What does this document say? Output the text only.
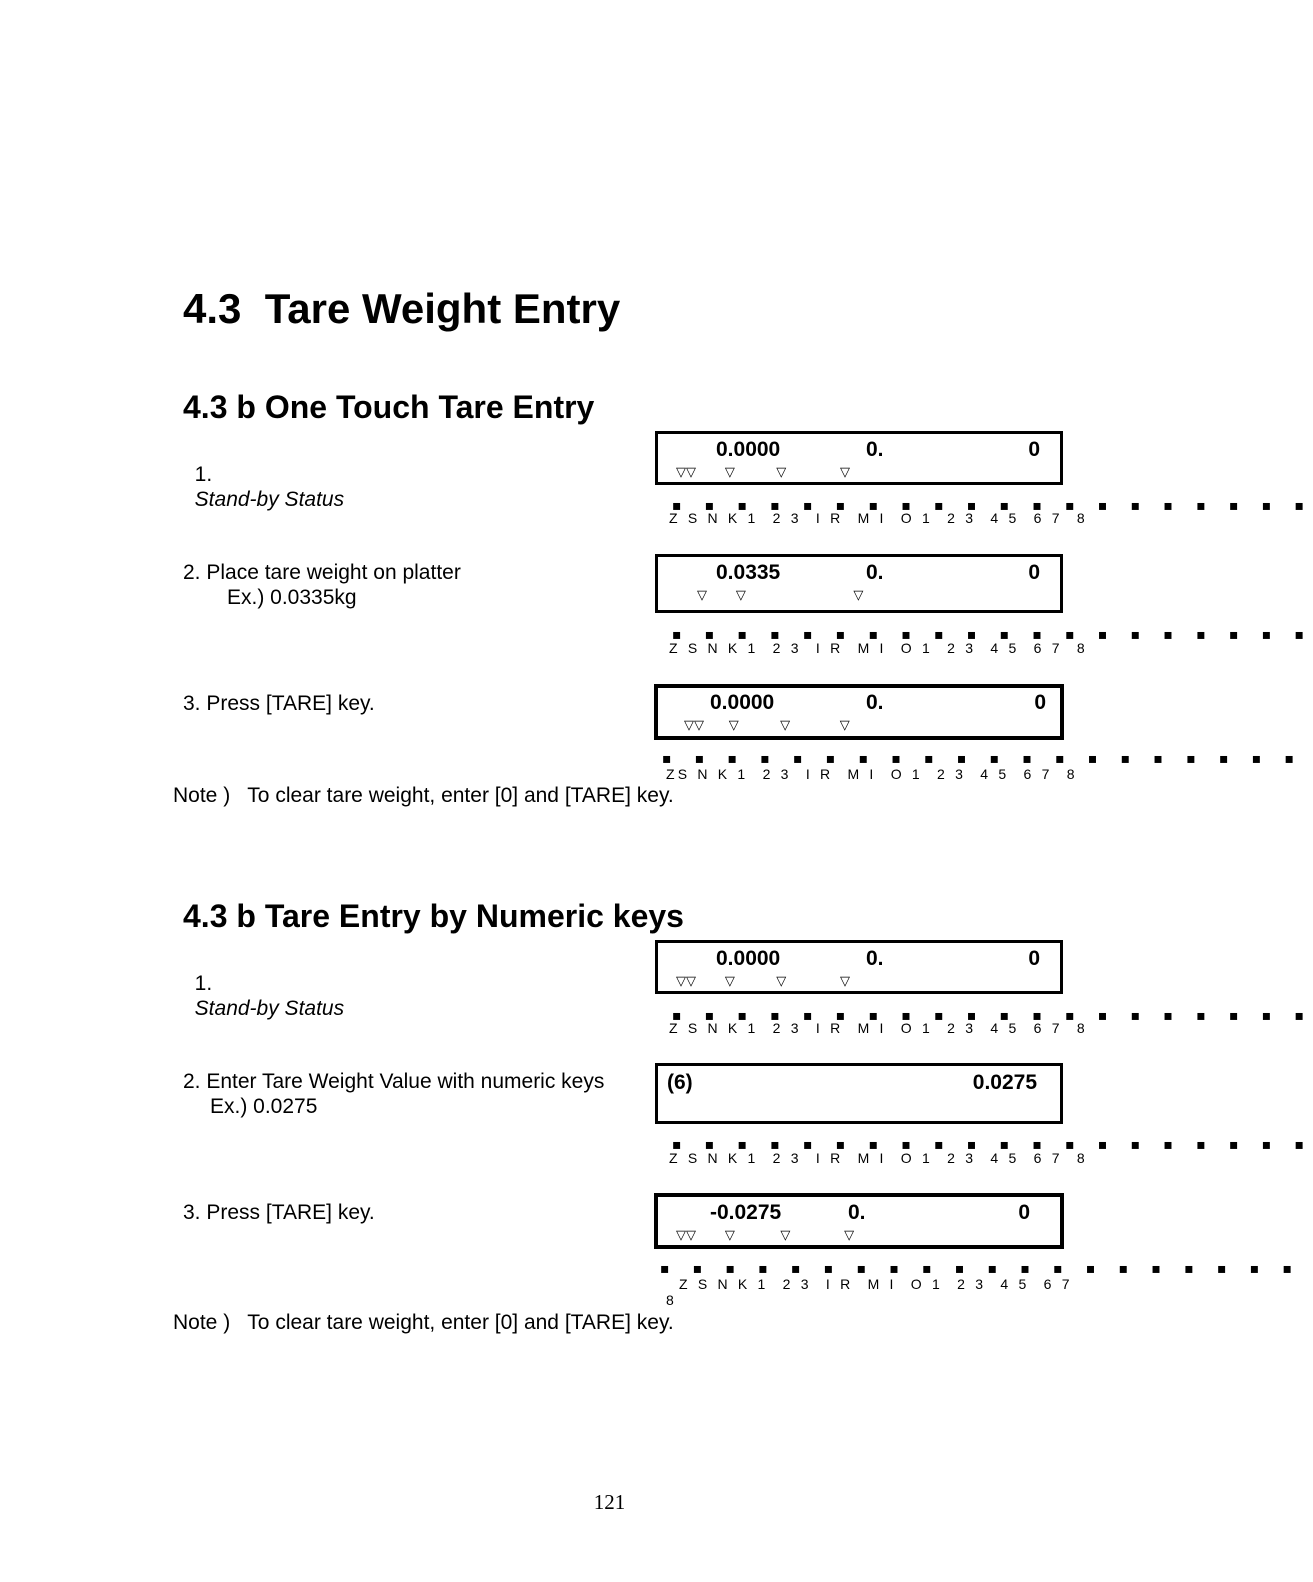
4.3  Tare Weight Entry
4.3 b One Touch Tare Entry

1.
Stand-by Status

0.0000	0.	0
▽▽       ▽          ▽             ▽
▪ ▪ ▪ ▪ ▪ ▪ ▪ ▪ ▪ ▪ ▪ ▪ ▪ ▪ ▪ ▪ ▪ ▪ ▪ ▪
Z S N K 1  2 3  I R  M I  O 1  2 3  4 5  6 7  8
2. Place tare weight on platter
Ex.) 0.0335kg
0.0335	0.	0
▽       ▽                          ▽
▪ ▪ ▪ ▪ ▪ ▪ ▪ ▪ ▪ ▪ ▪ ▪ ▪ ▪ ▪ ▪ ▪ ▪ ▪ ▪
Z S N K 1  2 3  I R  M I  O 1  2 3  4 5  6 7  8
3. Press [TARE] key.	0.0000	0.	0
▽▽      ▽          ▽            ▽
▪ ▪ ▪ ▪ ▪ ▪ ▪ ▪ ▪ ▪ ▪ ▪ ▪ ▪ ▪ ▪ ▪ ▪ ▪ ▪
ZS N K 1  2 3  I R  M I  O 1  2 3  4 5  6 7  8
Note )   To clear tare weight, enter [0] and [TARE] key.
4.3 b Tare Entry by Numeric keys

1.
Stand-by Status

0.0000	0.	0
▽▽       ▽          ▽             ▽
▪ ▪ ▪ ▪ ▪ ▪ ▪ ▪ ▪ ▪ ▪ ▪ ▪ ▪ ▪ ▪ ▪ ▪ ▪ ▪
Z S N K 1  2 3  I R  M I  O 1  2 3  4 5  6 7  8
2. Enter Tare Weight Value with numeric keys
Ex.) 0.0275
(6)	0.0275
▪ ▪ ▪ ▪ ▪ ▪ ▪ ▪ ▪ ▪ ▪ ▪ ▪ ▪ ▪ ▪ ▪ ▪ ▪ ▪
Z S N K 1  2 3  I R  M I  O 1  2 3  4 5  6 7  8
3. Press [TARE] key.	-0.0275	0.	0
▽▽       ▽           ▽             ▽
▪ ▪ ▪ ▪ ▪ ▪ ▪ ▪ ▪ ▪ ▪ ▪ ▪ ▪ ▪ ▪ ▪ ▪ ▪ ▪
Z S N K 1  2 3  I R  M I  O 1  2 3  4 5  6 7
8
Note )   To clear tare weight, enter [0] and [TARE] key.
121
